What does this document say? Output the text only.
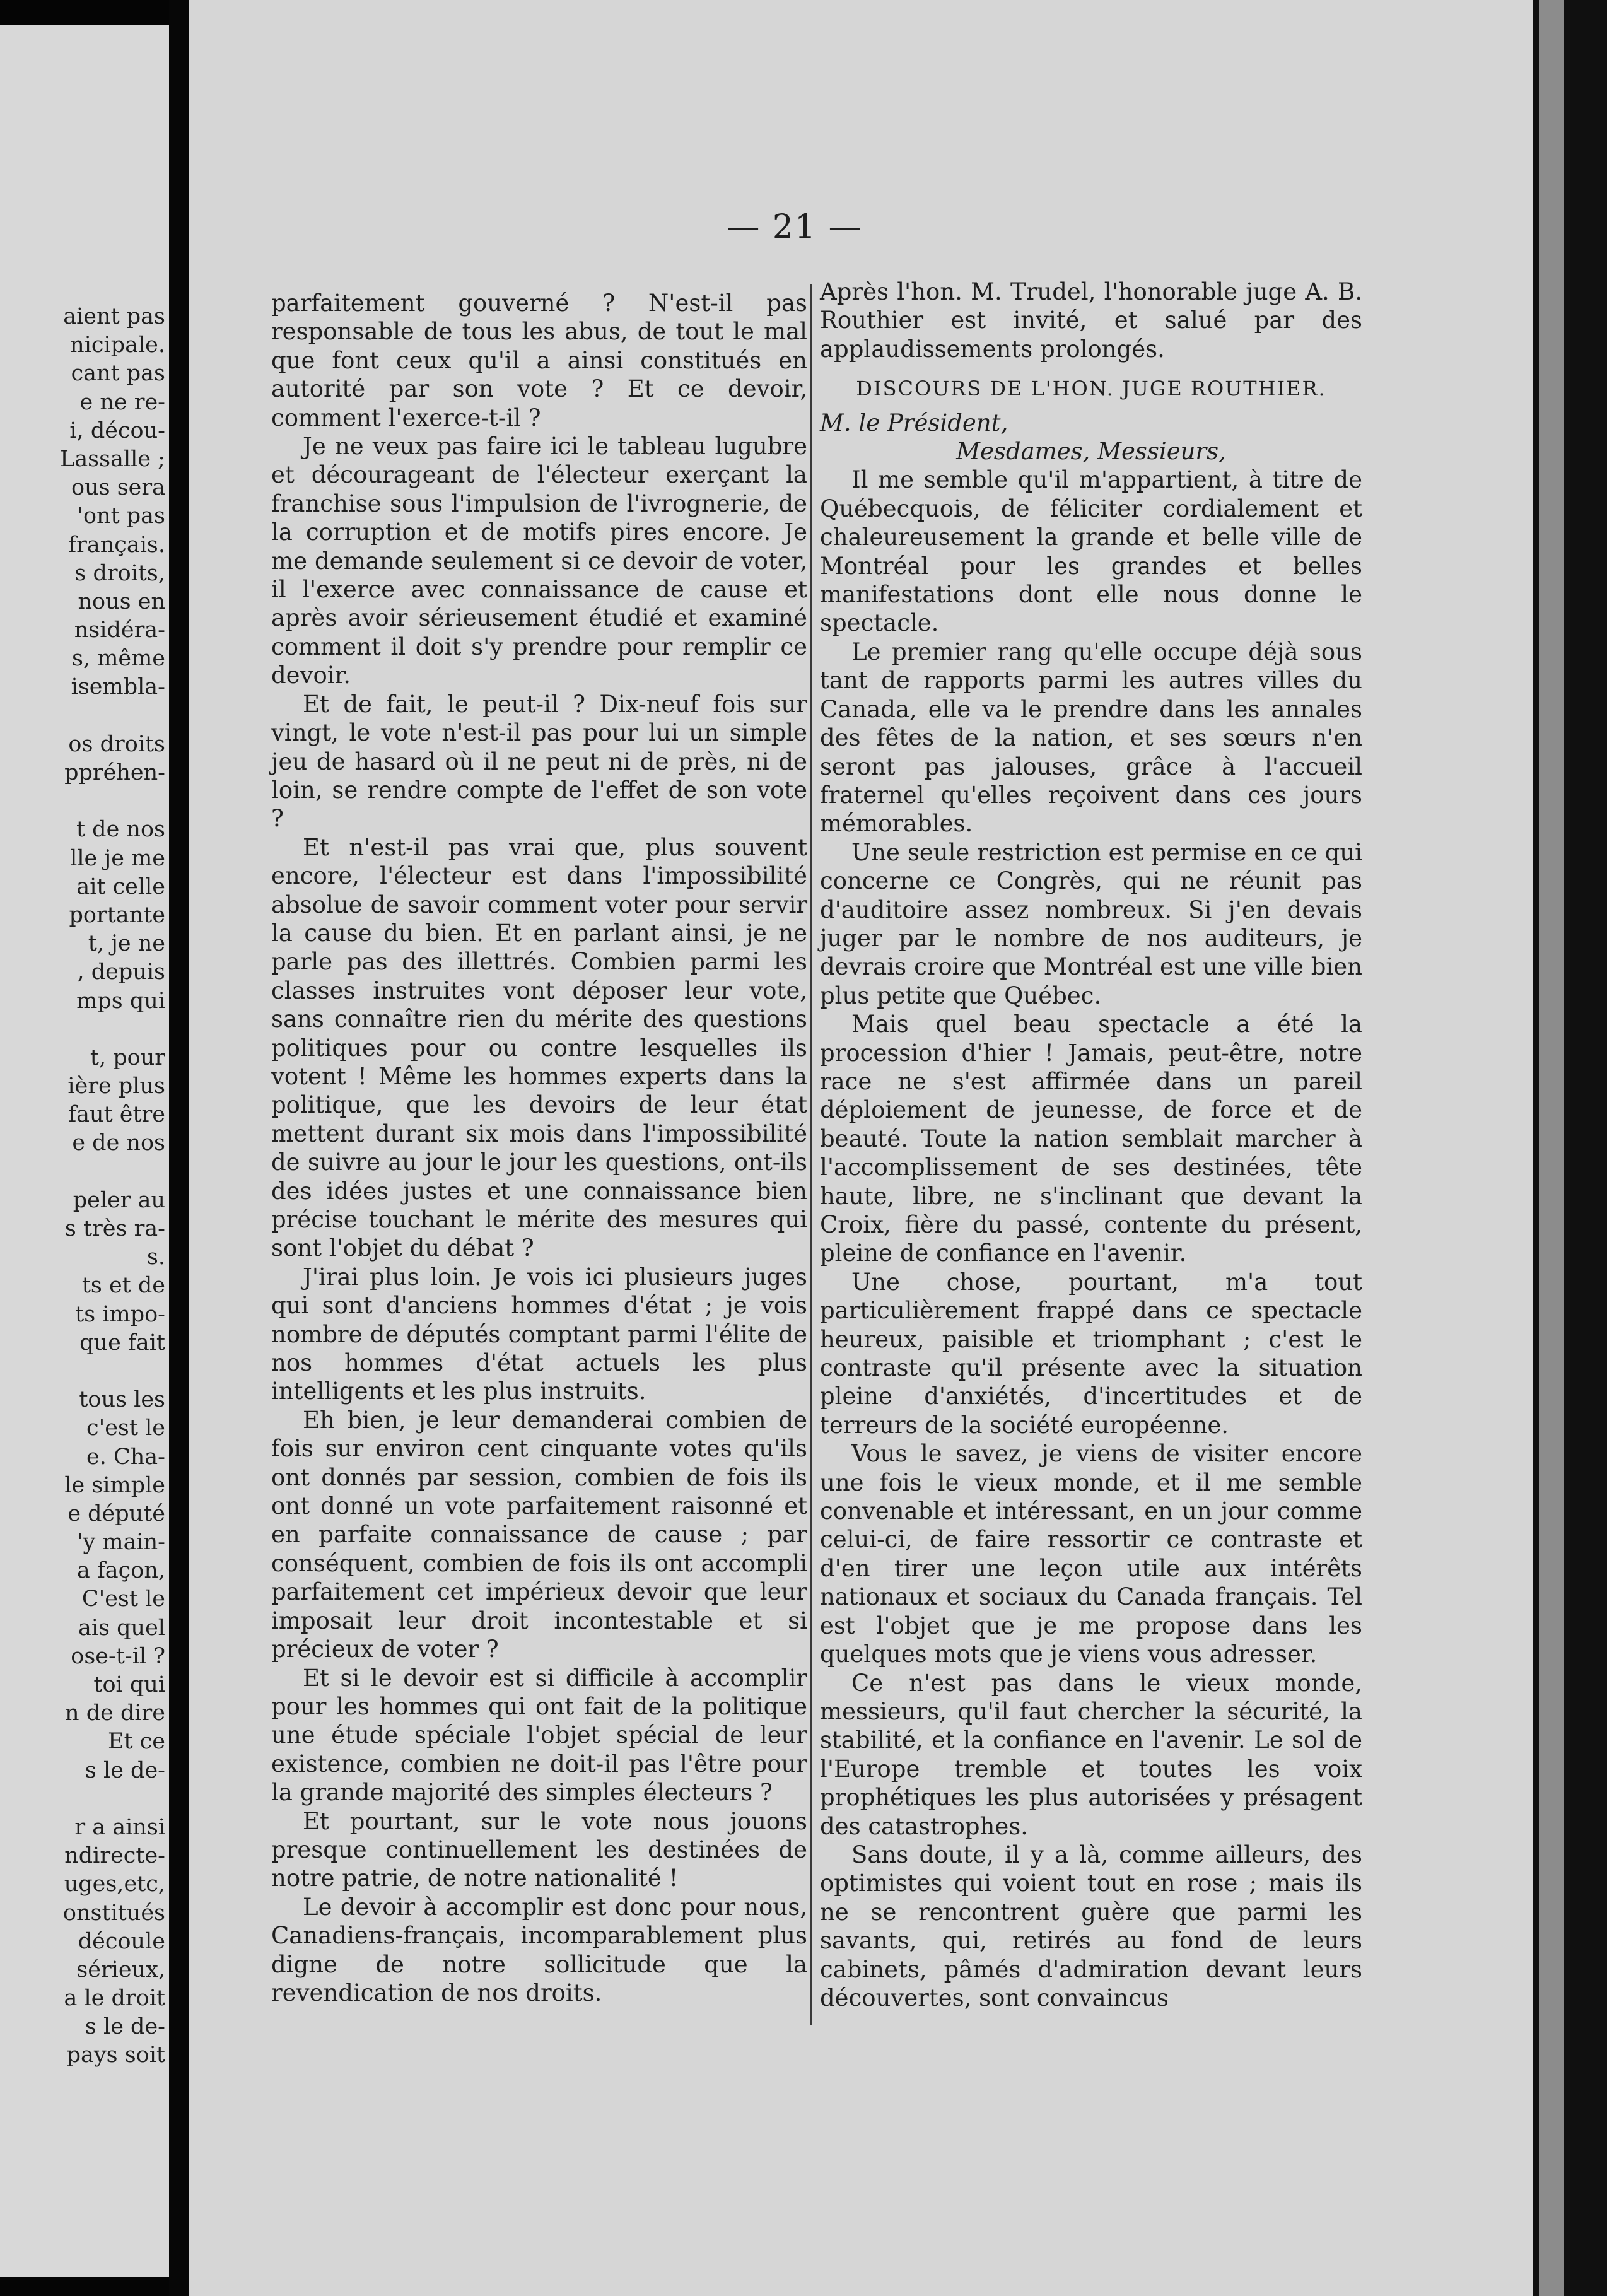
aient pas
nicipale.
cant pas
e ne re-
i, décou-
Lassalle ;
ous sera
'ont pas
français.
s droits,
nous en
nsidéra-
s, même
isembla-
os droits
ppréhen-
t de nos
lle je me
ait celle
portante
t, je ne
, depuis
mps qui
t, pour
ière plus
faut être
e de nos
peler au
s très ra-
s.
ts et de
ts impo-
que fait
tous les
c'est le
e. Cha-
le simple
e député
'y main-
a façon,
C'est le
ais quel
ose-t-il ?
toi qui
n de dire
Et ce
s le de-
r a ainsi
ndirecte-
uges,etc,
onstitués
découle
sérieux,
a le droit
s le de-
pays soit
— 21 —

parfaitement gouverné ? N'est-il pas responsable de tous les abus, de tout le mal que font ceux qu'il a ainsi constitués en autorité par son vote ? Et ce devoir, comment l'exerce-t-il ?

Je ne veux pas faire ici le tableau lugubre et décourageant de l'électeur exerçant la franchise sous l'impulsion de l'ivrognerie, de la corruption et de motifs pires encore. Je me demande seulement si ce devoir de voter, il l'exerce avec connaissance de cause et après avoir sérieusement étudié et examiné comment il doit s'y prendre pour remplir ce devoir.

Et de fait, le peut-il ? Dix-neuf fois sur vingt, le vote n'est-il pas pour lui un simple jeu de hasard où il ne peut ni de près, ni de loin, se rendre compte de l'effet de son vote ?

Et n'est-il pas vrai que, plus souvent encore, l'électeur est dans l'impossibilité absolue de savoir comment voter pour servir la cause du bien. Et en parlant ainsi, je ne parle pas des illettrés. Combien parmi les classes instruites vont déposer leur vote, sans connaître rien du mérite des questions politiques pour ou contre lesquelles ils votent ! Même les hommes experts dans la politique, que les devoirs de leur état mettent durant six mois dans l'impossibilité de suivre au jour le jour les questions, ont-ils des idées justes et une connaissance bien précise touchant le mérite des mesures qui sont l'objet du débat ?

J'irai plus loin. Je vois ici plusieurs juges qui sont d'anciens hommes d'état ; je vois nombre de députés comptant parmi l'élite de nos hommes d'état actuels les plus intelligents et les plus instruits.

Eh bien, je leur demanderai combien de fois sur environ cent cinquante votes qu'ils ont donnés par session, combien de fois ils ont donné un vote parfaitement raisonné et en parfaite connaissance de cause ; par conséquent, combien de fois ils ont accompli parfaitement cet impérieux devoir que leur imposait leur droit incontestable et si précieux de voter ?

Et si le devoir est si difficile à accomplir pour les hommes qui ont fait de la politique une étude spéciale l'objet spécial de leur existence, combien ne doit-il pas l'être pour la grande majorité des simples électeurs ?

Et pourtant, sur le vote nous jouons presque continuellement les destinées de notre patrie, de notre nationalité !

Le devoir à accomplir est donc pour nous, Canadiens-français, incomparablement plus digne de notre sollicitude que la revendication de nos droits.

Après l'hon. M. Trudel, l'honorable juge A. B. Routhier est invité, et salué par des applaudissements prolongés.

DISCOURS DE L'HON. JUGE ROUTHIER.

M. le Président,

Mesdames, Messieurs,

Il me semble qu'il m'appartient, à titre de Québecquois, de féliciter cordialement et chaleureusement la grande et belle ville de Montréal pour les grandes et belles manifestations dont elle nous donne le spectacle.

Le premier rang qu'elle occupe déjà sous tant de rapports parmi les autres villes du Canada, elle va le prendre dans les annales des fêtes de la nation, et ses sœurs n'en seront pas jalouses, grâce à l'accueil fraternel qu'elles reçoivent dans ces jours mémorables.

Une seule restriction est permise en ce qui concerne ce Congrès, qui ne réunit pas d'auditoire assez nombreux. Si j'en devais juger par le nombre de nos auditeurs, je devrais croire que Montréal est une ville bien plus petite que Québec.

Mais quel beau spectacle a été la procession d'hier ! Jamais, peut-être, notre race ne s'est affirmée dans un pareil déploiement de jeunesse, de force et de beauté. Toute la nation semblait marcher à l'accomplissement de ses destinées, tête haute, libre, ne s'inclinant que devant la Croix, fière du passé, contente du présent, pleine de confiance en l'avenir.

Une chose, pourtant, m'a tout particulièrement frappé dans ce spectacle heureux, paisible et triomphant ; c'est le contraste qu'il présente avec la situation pleine d'anxiétés, d'incertitudes et de terreurs de la société européenne.

Vous le savez, je viens de visiter encore une fois le vieux monde, et il me semble convenable et intéressant, en un jour comme celui-ci, de faire ressortir ce contraste et d'en tirer une leçon utile aux intérêts nationaux et sociaux du Canada français. Tel est l'objet que je me propose dans les quelques mots que je viens vous adresser.

Ce n'est pas dans le vieux monde, messieurs, qu'il faut chercher la sécurité, la stabilité, et la confiance en l'avenir. Le sol de l'Europe tremble et toutes les voix prophétiques les plus autorisées y présagent des catastrophes.

Sans doute, il y a là, comme ailleurs, des optimistes qui voient tout en rose ; mais ils ne se rencontrent guère que parmi les savants, qui, retirés au fond de leurs cabinets, pâmés d'admiration devant leurs découvertes, sont convaincus
